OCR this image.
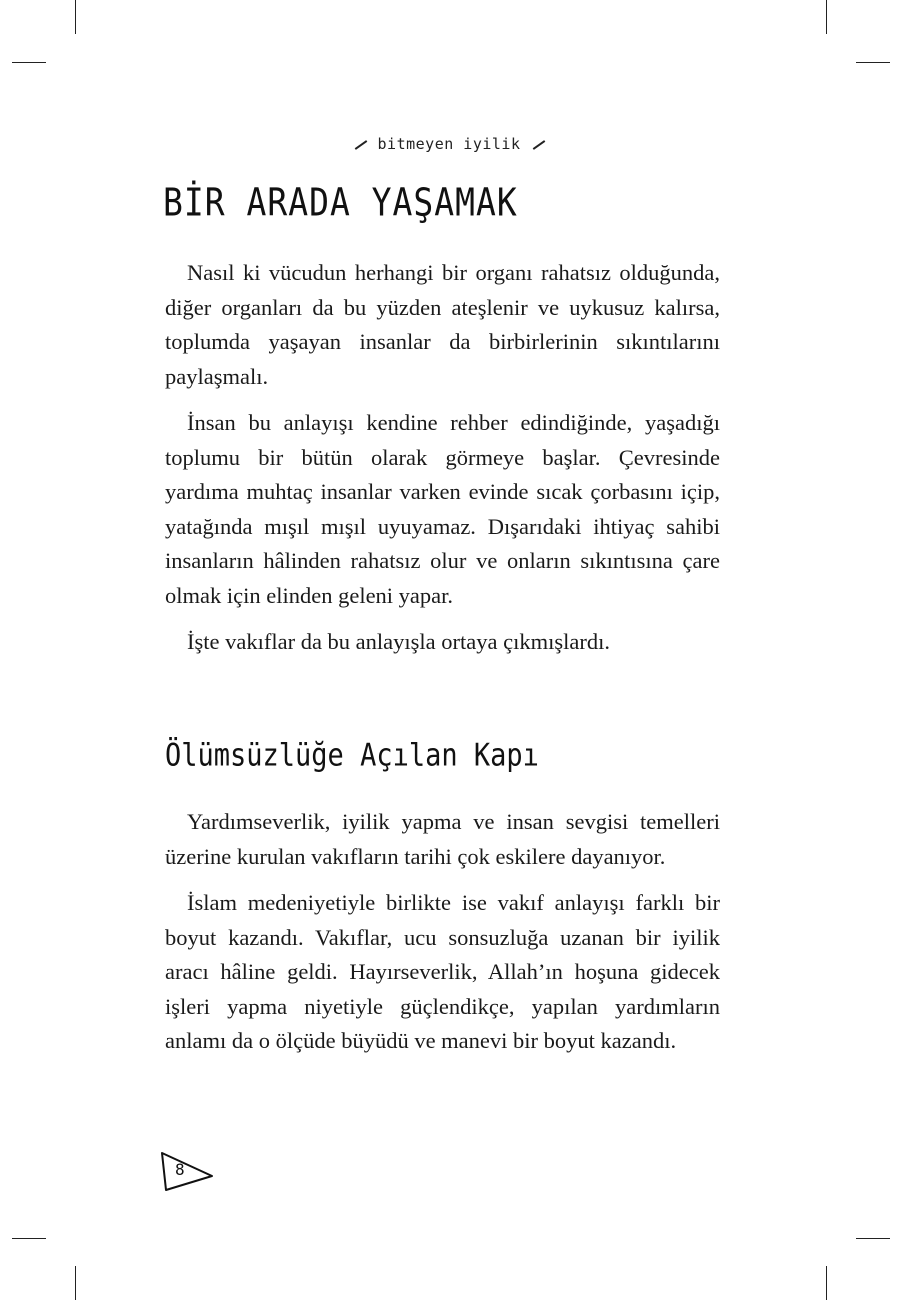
bitmeyen iyilik
BİR ARADA YAŞAMAK

Nasıl ki vücudun herhangi bir organı rahatsız olduğunda, diğer organları da bu yüzden ateşlenir ve uykusuz kalırsa, toplumda yaşayan insanlar da birbirlerinin sıkıntılarını paylaşmalı.

İnsan bu anlayışı kendine rehber edindiğinde, yaşadığı toplumu bir bütün olarak görmeye başlar. Çevresinde yardıma muhtaç insanlar varken evinde sıcak çorbasını içip, yatağında mışıl mışıl uyuyamaz. Dışarıdaki ihtiyaç sahibi insanların hâlinden rahatsız olur ve onların sıkıntısına çare olmak için elinden geleni yapar.

İşte vakıflar da bu anlayışla ortaya çıkmışlardı.

Ölümsüzlüğe Açılan Kapı

Yardımseverlik, iyilik yapma ve insan sevgisi temelleri üzerine kurulan vakıfların tarihi çok eskilere dayanıyor.

İslam medeniyetiyle birlikte ise vakıf anlayışı farklı bir boyut kazandı. Vakıflar, ucu sonsuzluğa uzanan bir iyilik aracı hâline geldi. Hayırseverlik, Allah’ın hoşuna gidecek işleri yapma niyetiyle güçlendikçe, yapılan yardımların anlamı da o ölçüde büyüdü ve manevi bir boyut kazandı.

8
